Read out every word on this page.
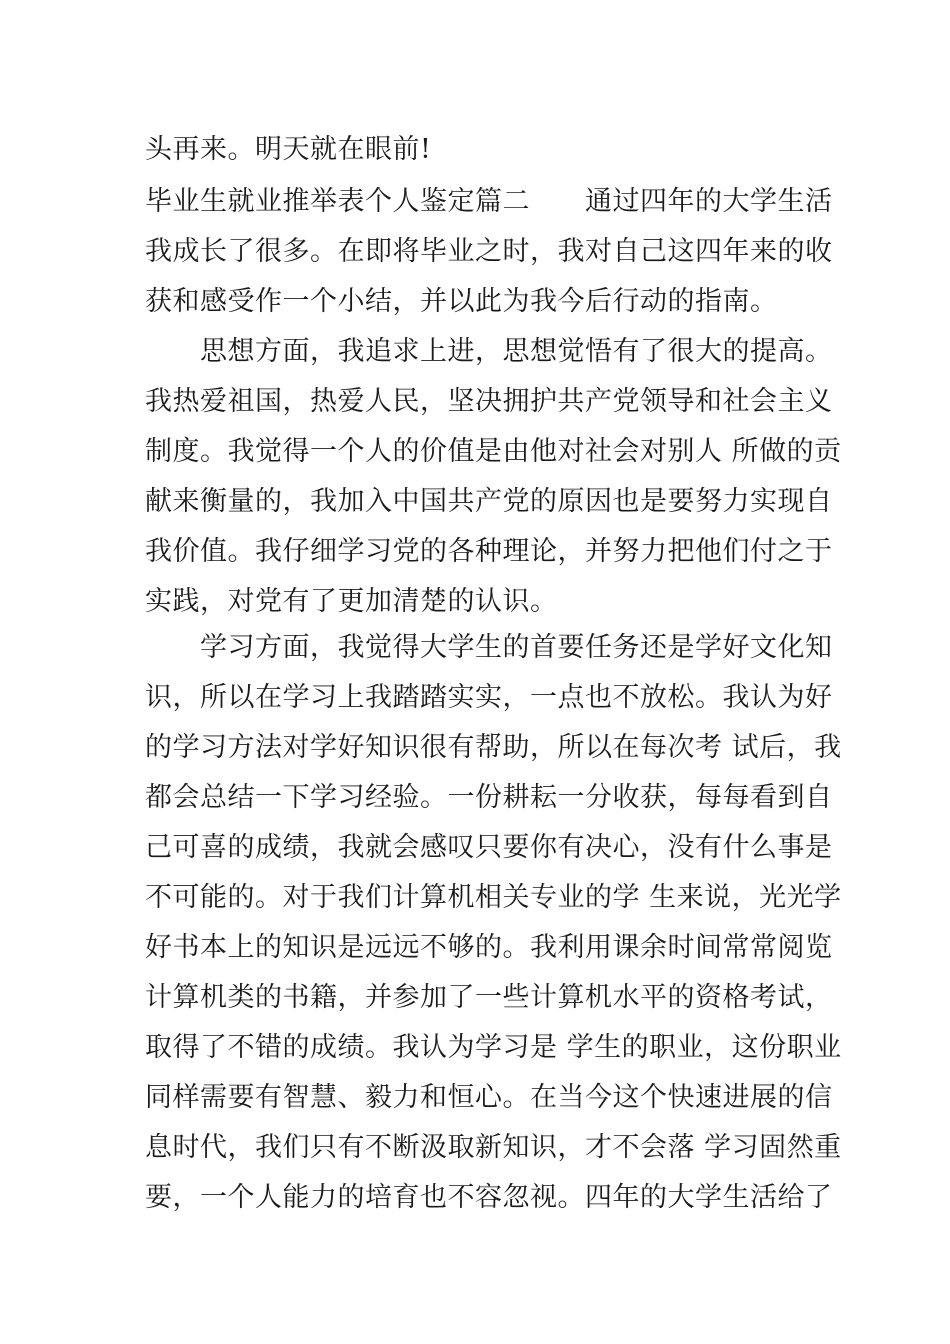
头再来。明天就在眼前!
毕业生就业推举表个人鉴定篇二　　通过四年的大学生活
我成长了很多。在即将毕业之时，我对自己这四年来的收
获和感受作一个小结，并以此为我今后行动的指南。
　　思想方面，我追求上进，思想觉悟有了很大的提高。
我热爱祖国，热爱人民，坚决拥护共产党领导和社会主义
制度。我觉得一个人的价值是由他对社会对别人 所做的贡
献来衡量的，我加入中国共产党的原因也是要努力实现自
我价值。我仔细学习党的各种理论，并努力把他们付之于
实践，对党有了更加清楚的认识。
　　学习方面，我觉得大学生的首要任务还是学好文化知
识，所以在学习上我踏踏实实，一点也不放松。我认为好
的学习方法对学好知识很有帮助，所以在每次考 试后，我
都会总结一下学习经验。一份耕耘一分收获，每每看到自
己可喜的成绩，我就会感叹只要你有决心，没有什么事是
不可能的。对于我们计算机相关专业的学 生来说，光光学
好书本上的知识是远远不够的。我利用课余时间常常阅览
计算机类的书籍，并参加了一些计算机水平的资格考试，
取得了不错的成绩。我认为学习是 学生的职业，这份职业
同样需要有智慧、毅力和恒心。在当今这个快速进展的信
息时代，我们只有不断汲取新知识，才不会落 学习固然重
要，一个人能力的培育也不容忽视。四年的大学生活给了
